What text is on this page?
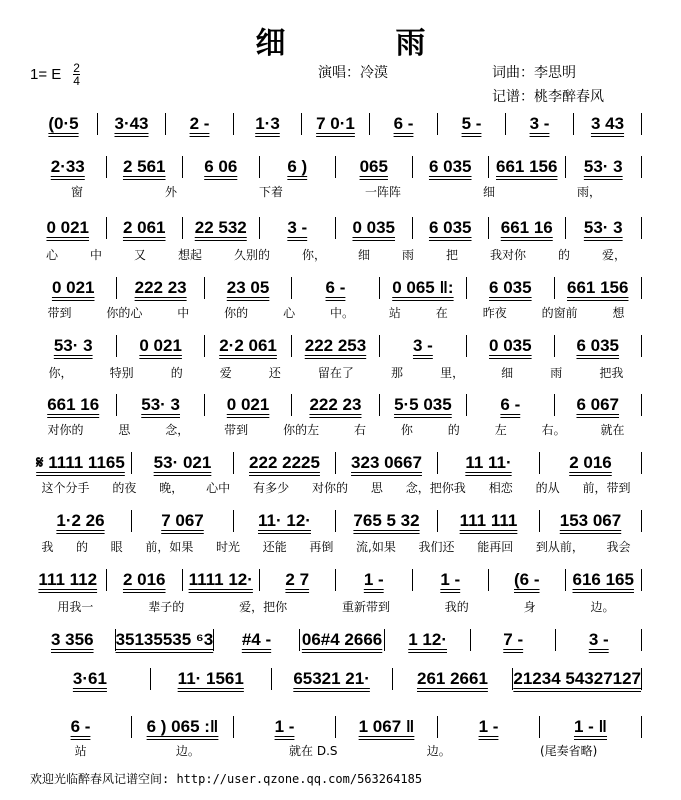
细　雨
1= E $\frac{2}{4}$	演唱：冷漠	词曲：李思明
记谱：桃李醉春风
(0·5	3·43	2 -	1·3	7 0·1	6 -	5 -	3 -	3 43
2·33	2 561	6 06	6 )	065	6 035	661 156	53· 3
窗	外	下着	一阵阵	细	雨，
0 021	2 061	22 532	3 -	0 035	6 035	661 16	53· 3
心	中	又	想起	久别的	你，	细	雨	把	我对你	的	爱，
0 021	222 23	23 05	6 -	0 065 ‖:	6 035	661 156
带到	你的心	中	你的	心	中。	站	在	昨夜	的窗前	想
53· 3	0 021	2·2 061	222 253	3 -	0 035	6 035
你，	特别	的	爱	还	留在了	那	里，	细	雨	把我
661 16	53· 3	0 021	222 23	5·5 035	6 -	6 067
对你的	思	念，	带到	你的左	右	你	的	左	右。	就在
𝄋 1111 1165	53· 021	222 2225	323 0667	11 11·	2 016
这个分手 的夜 晚， 心中 有多少 对你的 思 念，把你我 相恋 的从 前，带到
1·2 26	7 067	11· 12·	765 5 32	111 111	153 067
我 的 眼 前，如果 时光 还能 再倒 流,如果 我们还 能再回 到从前， 我会
111 112	2 016	1111 12·	2 7	1 -	1 -	(6 -	616 165
用我一	辈子的	爱，把你	重新带到	我的	身	边。
3 356	35135535 ⁶3	#4 -	06#4 2666	1 12·	7 -	3 -
3·61	11· 1561	65321 21·	261 2661	21234 54327127
6 -	6 ) 065 :‖	1 -	1 067 ‖	1 -	1 - ‖
站	边。	就在 D.S	边。	(尾奏省略)
欢迎光临醉春风记谱空间: http://user.qzone.qq.com/563264185
